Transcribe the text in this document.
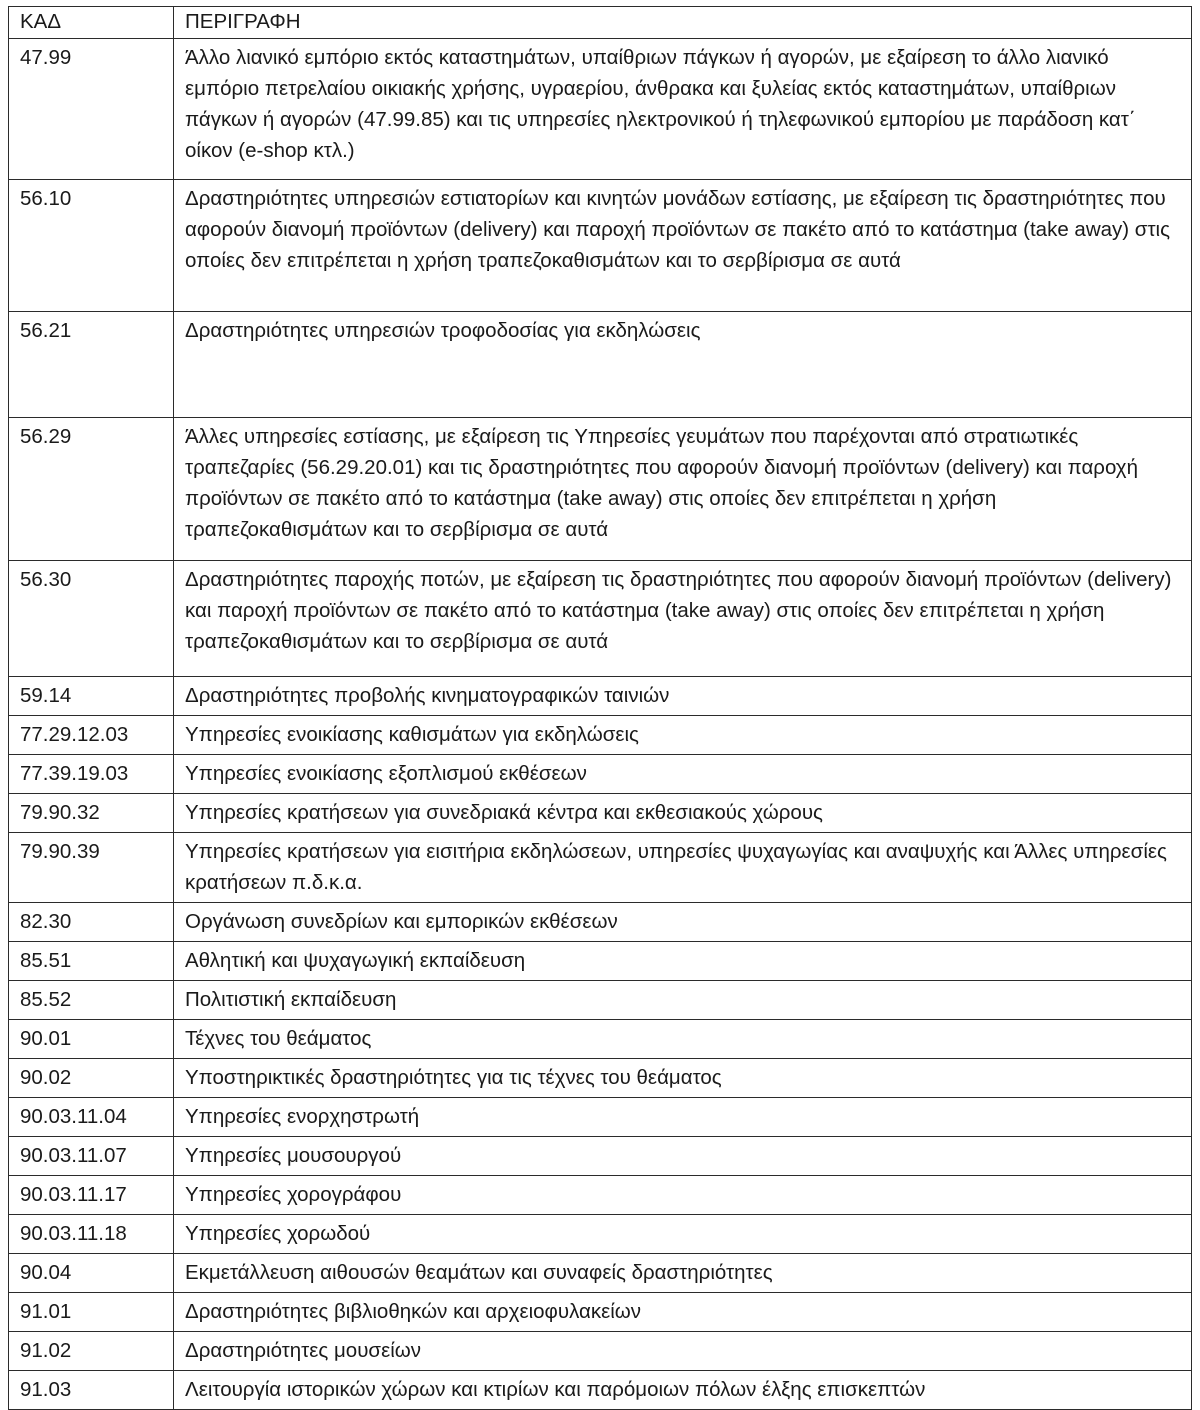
ΚΑΔ	ΠΕΡΙΓΡΑΦΗ
47.99	Άλλο λιανικό εμπόριο εκτός καταστημάτων, υπαίθριων πάγκων ή αγορών, με εξαίρεση το άλλο λιανικό εμπόριο πετρελαίου οικιακής χρήσης, υγραερίου, άνθρακα και ξυλείας εκτός καταστημάτων, υπαίθριων πάγκων ή αγορών (47.99.85) και τις υπηρεσίες ηλεκτρονικού ή τηλεφωνικού εμπορίου με παράδοση κατ΄ οίκον (e-shop κτλ.)
56.10	Δραστηριότητες υπηρεσιών εστιατορίων και κινητών μονάδων εστίασης, με εξαίρεση τις δραστηριότητες που αφορούν διανομή προϊόντων (delivery) και παροχή προϊόντων σε πακέτο από το κατάστημα (take away) στις οποίες δεν επιτρέπεται η χρήση τραπεζοκαθισμάτων και το σερβίρισμα σε αυτά
56.21	Δραστηριότητες υπηρεσιών τροφοδοσίας για εκδηλώσεις
56.29	Άλλες υπηρεσίες εστίασης, με εξαίρεση τις Υπηρεσίες γευμάτων που παρέχονται από στρατιωτικές τραπεζαρίες (56.29.20.01) και τις δραστηριότητες που αφορούν διανομή προϊόντων (delivery) και παροχή προϊόντων σε πακέτο από το κατάστημα (take away) στις οποίες δεν επιτρέπεται η χρήση τραπεζοκαθισμάτων και το σερβίρισμα σε αυτά
56.30	Δραστηριότητες παροχής ποτών, με εξαίρεση τις δραστηριότητες που αφορούν διανομή προϊόντων (delivery) και παροχή προϊόντων σε πακέτο από το κατάστημα (take away) στις οποίες δεν επιτρέπεται η χρήση τραπεζοκαθισμάτων και το σερβίρισμα σε αυτά
59.14	Δραστηριότητες προβολής κινηματογραφικών ταινιών
77.29.12.03	Υπηρεσίες ενοικίασης καθισμάτων για εκδηλώσεις
77.39.19.03	Υπηρεσίες ενοικίασης εξοπλισμού εκθέσεων
79.90.32	Υπηρεσίες κρατήσεων για συνεδριακά κέντρα και εκθεσιακούς χώρους
79.90.39	Υπηρεσίες κρατήσεων για εισιτήρια εκδηλώσεων, υπηρεσίες ψυχαγωγίας και αναψυχής και Άλλες υπηρεσίες κρατήσεων π.δ.κ.α.
82.30	Οργάνωση συνεδρίων και εμπορικών εκθέσεων
85.51	Αθλητική και ψυχαγωγική εκπαίδευση
85.52	Πολιτιστική εκπαίδευση
90.01	Τέχνες του θεάματος
90.02	Υποστηρικτικές δραστηριότητες για τις τέχνες του θεάματος
90.03.11.04	Υπηρεσίες ενορχηστρωτή
90.03.11.07	Υπηρεσίες μουσουργού
90.03.11.17	Υπηρεσίες χορογράφου
90.03.11.18	Υπηρεσίες χορωδού
90.04	Εκμετάλλευση αιθουσών θεαμάτων και συναφείς δραστηριότητες
91.01	Δραστηριότητες βιβλιοθηκών και αρχειοφυλακείων
91.02	Δραστηριότητες μουσείων
91.03	Λειτουργία ιστορικών χώρων και κτιρίων και παρόμοιων πόλων έλξης επισκεπτών
